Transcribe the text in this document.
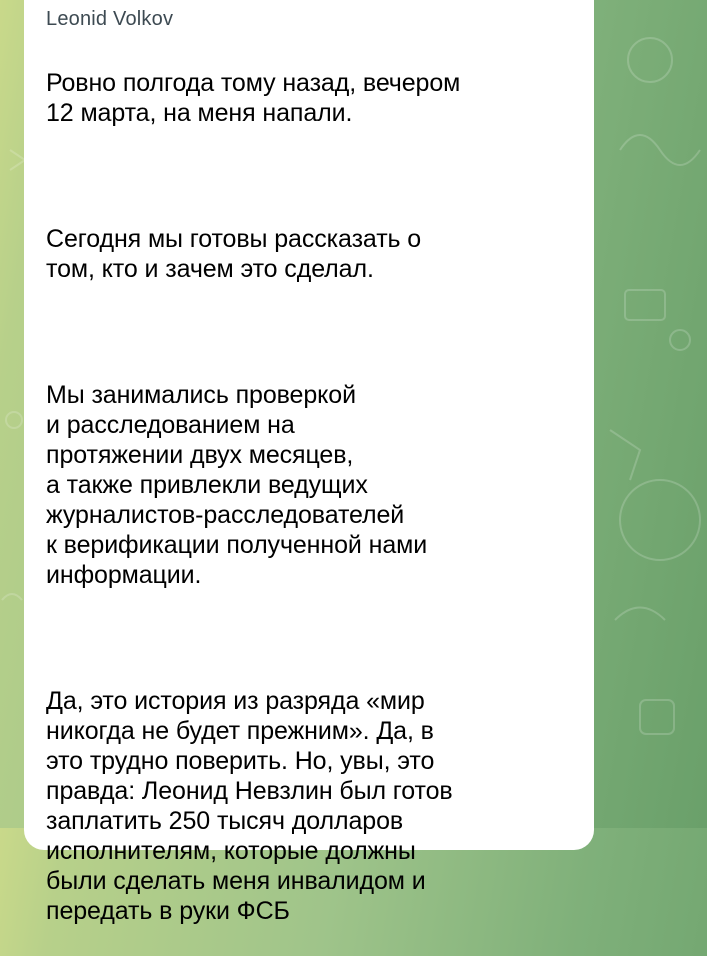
Leonid Volkov

Ровно полгода тому назад, вечером
12 марта, на меня напали.

Сегодня мы готовы рассказать о
том, кто и зачем это сделал.

Мы занимались проверкой
и расследованием на
протяжении двух месяцев,
а также привлекли ведущих
журналистов-расследователей
к верификации полученной нами
информации.

Да, это история из разряда «мир
никогда не будет прежним». Да, в
это трудно поверить. Но, увы, это
правда: Леонид Невзлин был готов
заплатить 250 тысяч долларов
исполнителям, которые должны
были сделать меня инвалидом и
передать в руки ФСБ
